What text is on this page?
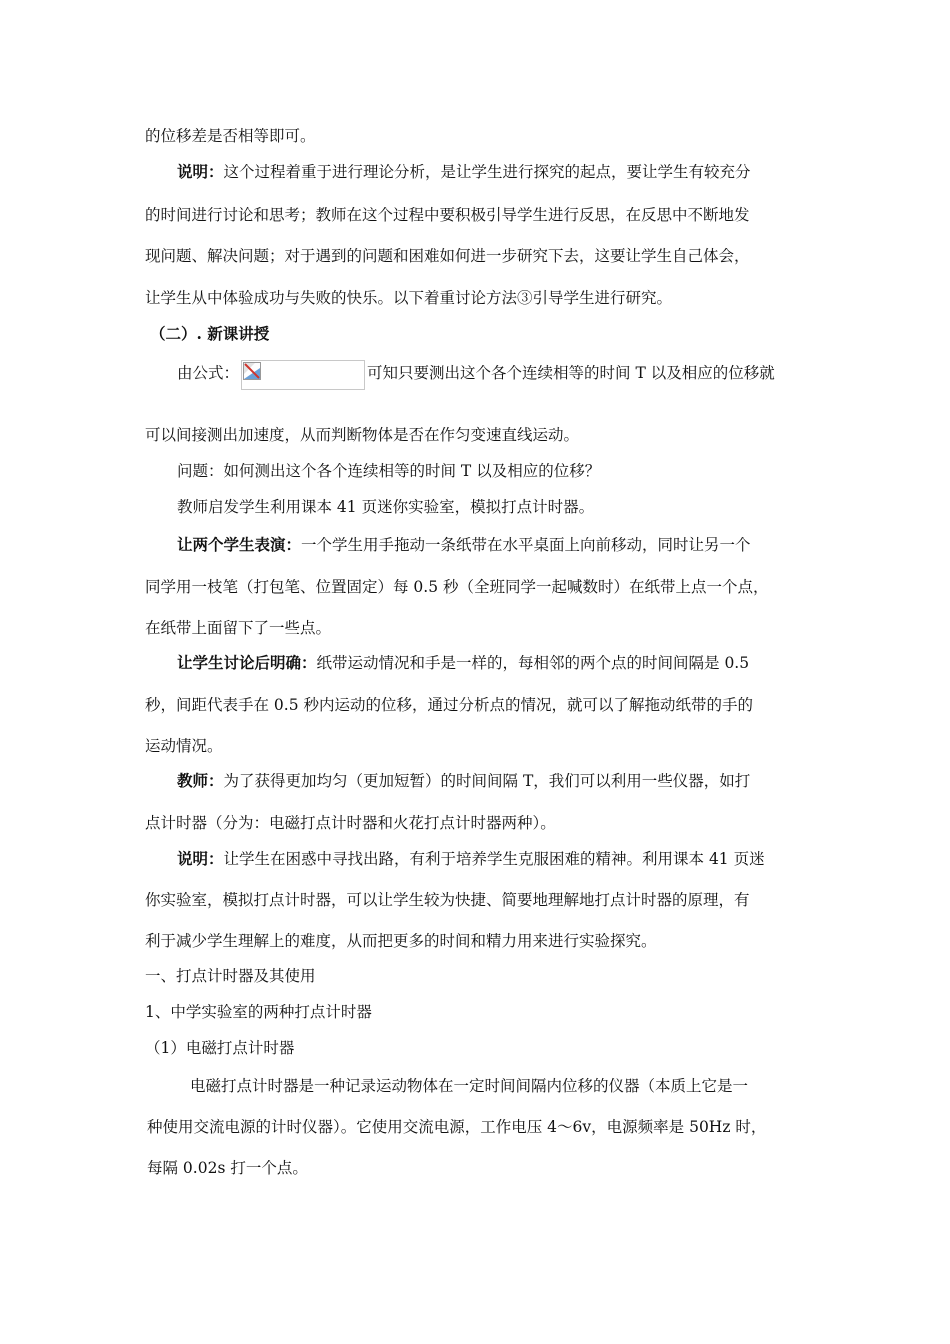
的位移差是否相等即可。

说明：这个过程着重于进行理论分析，是让学生进行探究的起点，要让学生有较充分

的时间进行讨论和思考；教师在这个过程中要积极引导学生进行反思，在反思中不断地发

现问题、解决问题；对于遇到的问题和困难如何进一步研究下去，这要让学生自己体会，

让学生从中体验成功与失败的快乐。以下着重讨论方法③引导学生进行研究。

（二）. 新课讲授

由公式：	可知只要测出这个各个连续相等的时间 T 以及相应的位移就

可以间接测出加速度，从而判断物体是否在作匀变速直线运动。

问题：如何测出这个各个连续相等的时间 T 以及相应的位移？

教师启发学生利用课本 41 页迷你实验室，模拟打点计时器。

让两个学生表演：一个学生用手拖动一条纸带在水平桌面上向前移动，同时让另一个

同学用一枝笔（打包笔、位置固定）每 0.5 秒（全班同学一起喊数时）在纸带上点一个点，

在纸带上面留下了一些点。

让学生讨论后明确：纸带运动情况和手是一样的，每相邻的两个点的时间间隔是 0.5

秒，间距代表手在 0.5 秒内运动的位移，通过分析点的情况，就可以了解拖动纸带的手的

运动情况。

教师：为了获得更加均匀（更加短暂）的时间间隔 T，我们可以利用一些仪器，如打

点计时器（分为：电磁打点计时器和火花打点计时器两种）。

说明：让学生在困惑中寻找出路，有利于培养学生克服困难的精神。利用课本 41 页迷

你实验室，模拟打点计时器，可以让学生较为快捷、简要地理解地打点计时器的原理，有

利于减少学生理解上的难度，从而把更多的时间和精力用来进行实验探究。

一、打点计时器及其使用

1、中学实验室的两种打点计时器

（1）电磁打点计时器

电磁打点计时器是一种记录运动物体在一定时间间隔内位移的仪器（本质上它是一

种使用交流电源的计时仪器）。它使用交流电源，工作电压 4～6v，电源频率是 50Hz 时，

每隔 0.02s 打一个点。
